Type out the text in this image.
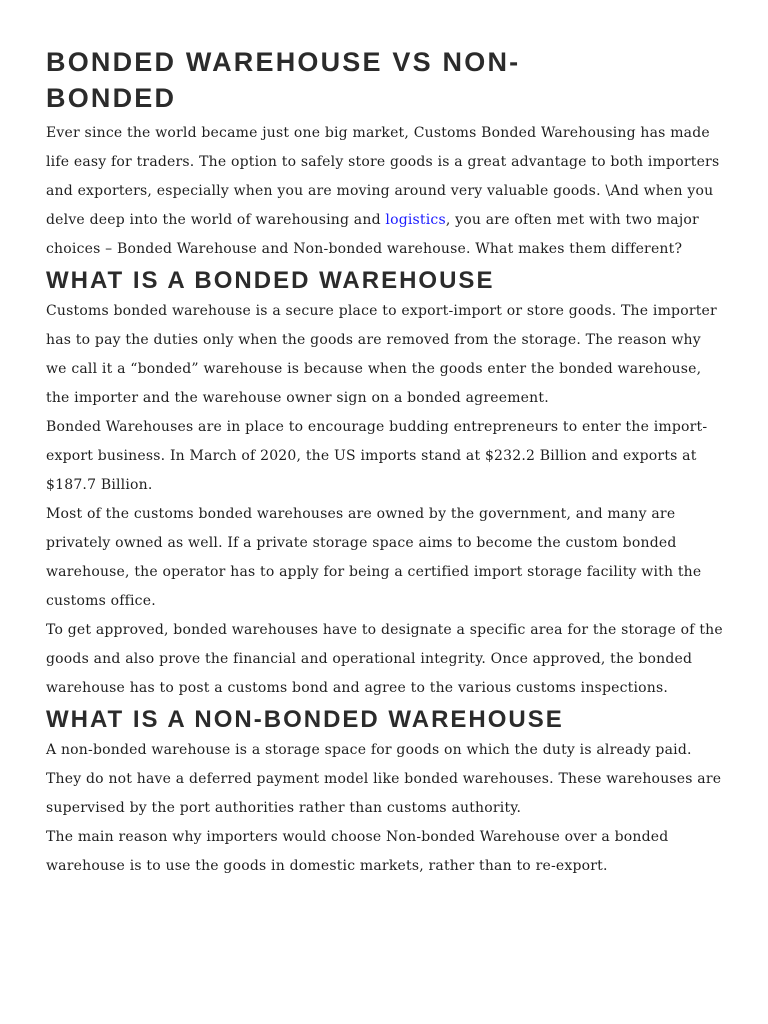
BONDED WAREHOUSE VS NON-BONDED

Ever since the world became just one big market, Customs Bonded Warehousing has made life easy for traders. The option to safely store goods is a great advantage to both importers and exporters, especially when you are moving around very valuable goods. \And when you delve deep into the world of warehousing and logistics, you are often met with two major choices – Bonded Warehouse and Non-bonded warehouse. What makes them different?

WHAT IS A BONDED WAREHOUSE

Customs bonded warehouse is a secure place to export-import or store goods. The importer has to pay the duties only when the goods are removed from the storage. The reason why we call it a “bonded” warehouse is because when the goods enter the bonded warehouse, the importer and the warehouse owner sign on a bonded agreement.

Bonded Warehouses are in place to encourage budding entrepreneurs to enter the import-export business. In March of 2020, the US imports stand at $232.2 Billion and exports at $187.7 Billion.

Most of the customs bonded warehouses are owned by the government, and many are privately owned as well. If a private storage space aims to become the custom bonded warehouse, the operator has to apply for being a certified import storage facility with the customs office.

To get approved, bonded warehouses have to designate a specific area for the storage of the goods and also prove the financial and operational integrity. Once approved, the bonded warehouse has to post a customs bond and agree to the various customs inspections.

WHAT IS A NON-BONDED WAREHOUSE

A non-bonded warehouse is a storage space for goods on which the duty is already paid. They do not have a deferred payment model like bonded warehouses. These warehouses are supervised by the port authorities rather than customs authority.

The main reason why importers would choose Non-bonded Warehouse over a bonded warehouse is to use the goods in domestic markets, rather than to re-export.
